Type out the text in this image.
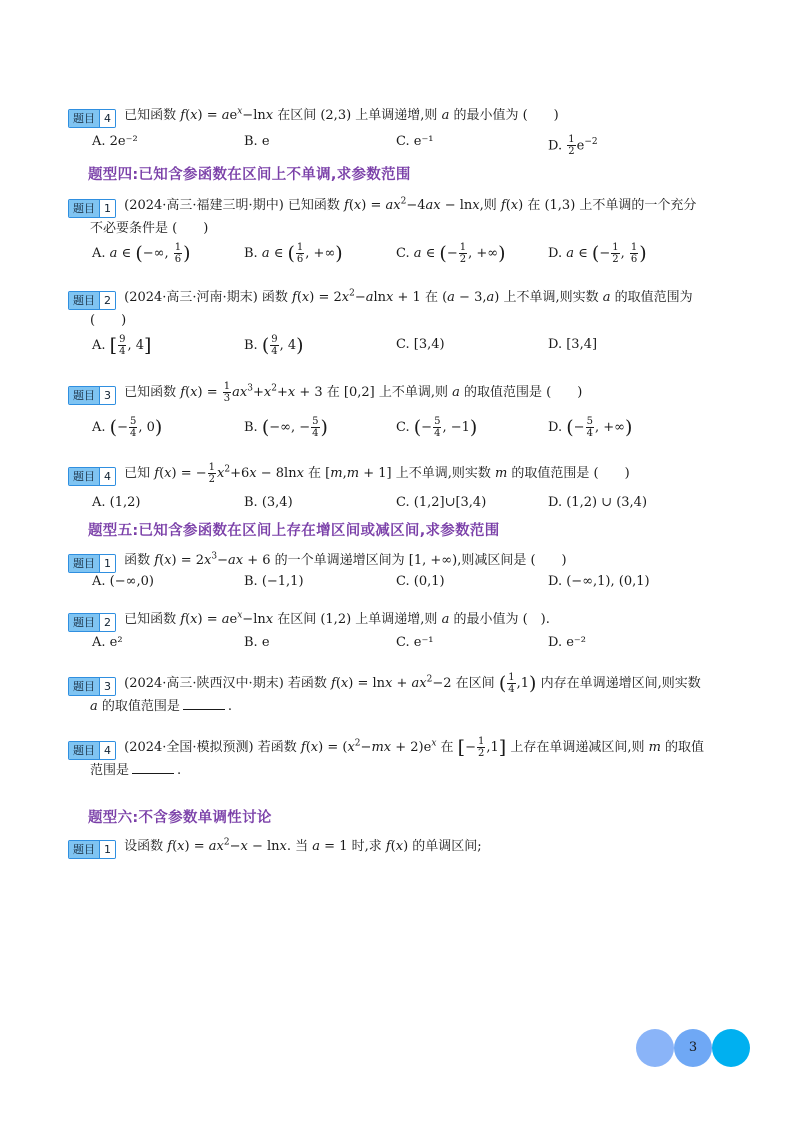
题目 4	已知函数 $f(x) = ae^x-\ln x$ 在区间 (2,3) 上单调递增,则 a 的最小值为 (　　)
A. 2e⁻²	B. e	C. e⁻¹	D. $\frac{1}{2} e^{-2}$
题型四:已知含参函数在区间上不单调,求参数范围
题目 1	(2024·高三·福建三明·期中) 已知函数 $f(x) = ax^2-4ax - \ln x$,则 f(x) 在 (1,3) 上不单调的一个充分
不必要条件是 (　　)
A. a ∈ (−∞, $\frac{1}{6}$ )	B. a ∈ ( $\frac{1}{6}$ , +∞)	C. a ∈ (− $\frac{1}{2}$ , +∞)	D. a ∈ (− $\frac{1}{2}$ , $\frac{1}{6}$ )
题目 2	(2024·高三·河南·期末) 函数 $f(x) = 2x^2-alnx + 1$ 在 (a − 3,a) 上不单调,则实数 a 的取值范围为
(　　)
A. [ $\frac{9}{4}$ , 4]	B. ( $\frac{9}{4}$ , 4)	C. [3,4)	D. [3,4]
题目 3	已知函数 $f(x) = \frac{1}{3} ax^3+x^2+x + 3$ 在 [0,2] 上不单调,则 a 的取值范围是 (　　)
A. (− $\frac{5}{4}$ , 0)	B. (−∞, − $\frac{5}{4}$ )	C. (− $\frac{5}{4}$ , −1)	D. (− $\frac{5}{4}$ , +∞)
题目 4	已知 f(x) = − $\frac{1}{2} x^2+6x - 8\ln x$ 在 [m,m + 1] 上不单调,则实数 m 的取值范围是 (　　)
A. (1,2)	B. (3,4)	C. (1,2]∪[3,4)	D. (1,2) ∪ (3,4)
题型五:已知含参函数在区间上存在增区间或减区间,求参数范围
题目 1	函数 $f(x) = 2x^3-ax + 6$ 的一个单调递增区间为 [1, +∞),则减区间是 (　　)
A. (−∞,0)	B. (−1,1)	C. (0,1)	D. (−∞,1), (0,1)
题目 2	已知函数 $f(x) = ae^x-\ln x$ 在区间 (1,2) 上单调递增,则 a 的最小值为 (　).
A. e²	B. e	C. e⁻¹	D. e⁻²
题目 3	(2024·高三·陕西汉中·期末) 若函数 $f(x) = \ln x + ax^2-2$ 在区间 ( $\frac{1}{4} ,1$) 内存在单调递增区间,则实数
a 的取值范围是	.
题目 4	(2024·全国·模拟预测) 若函数 $f(x) = (x^2-mx + 2)e^x$ 在 [− $\frac{1}{2} ,1$] 上存在单调递减区间,则 m 的取值
范围是	.
题型六:不含参数单调性讨论
题目 1	设函数 $f(x) = ax^2-x - \ln x$. 当 a = 1 时,求 f(x) 的单调区间;
3
